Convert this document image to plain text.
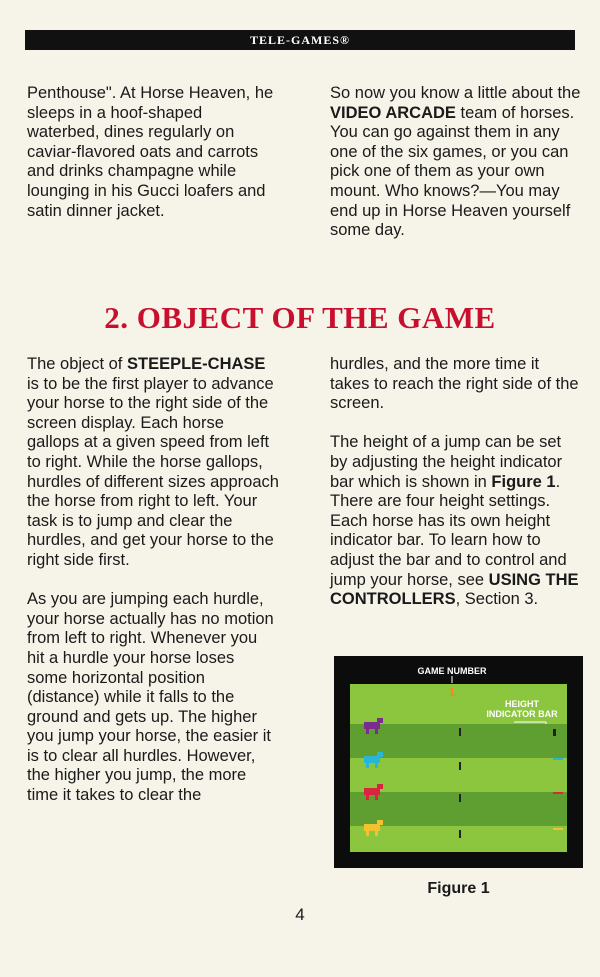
TELE-GAMES®

Penthouse". At Horse Heaven, he sleeps in a hoof-shaped waterbed, dines regularly on caviar-flavored oats and carrots and drinks champagne while lounging in his Gucci loafers and satin dinner jacket.

So now you know a little about the VIDEO ARCADE team of horses. You can go against them in any one of the six games, or you can pick one of them as your own mount. Who knows?—You may end up in Horse Heaven yourself some day.

2. OBJECT OF THE GAME

The object of STEEPLE-CHASE is to be the first player to advance your horse to the right side of the screen display. Each horse gallops at a given speed from left to right. While the horse gallops, hurdles of different sizes approach the horse from right to left. Your task is to jump and clear the hurdles, and get your horse to the right side first.

As you are jumping each hurdle, your horse actually has no motion from left to right. Whenever you hit a hurdle your horse loses some horizontal position (distance) while it falls to the ground and gets up. The higher you jump your horse, the easier it is to clear all hurdles. However, the higher you jump, the more time it takes to clear the

hurdles, and the more time it takes to reach the right side of the screen.

The height of a jump can be set by adjusting the height indicator bar which is shown in Figure 1. There are four height settings. Each horse has its own height indicator bar. To learn how to adjust the bar and to control and jump your horse, see USING THE CONTROLLERS, Section 3.

GAME NUMBER
1
HEIGHT
INDICATOR BAR
Figure 1
4
